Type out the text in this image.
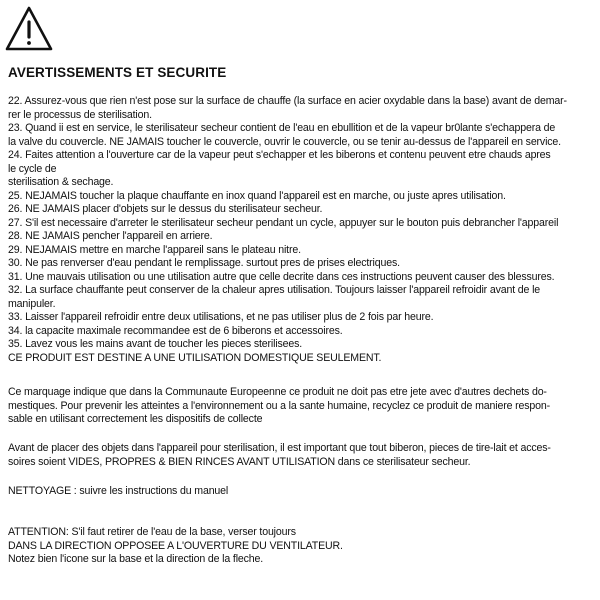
AVERTISSEMENTS ET SECURITE
22. Assurez-vous que rien n'est pose sur la surface de chauffe (la surface en acier oxydable dans la base) avant de demar-
rer le processus de sterilisation.
23. Quand ii est en service, le sterilisateur secheur contient de l'eau en ebullition et de la vapeur br0lante s'echappera de
la valve du couvercle. NE JAMAIS toucher le couvercle, ouvrir le couvercle, ou se tenir au-dessus de l'appareil en service.
24. Faites attention a l'ouverture car de la vapeur peut s'echapper et les biberons et contenu peuvent etre chauds apres
le cycle de
sterilisation & sechage.
25. NEJAMAIS toucher la plaque chauffante en inox quand l'appareil est en marche, ou juste apres utilisation.
26. NE JAMAIS placer d'objets sur le dessus du sterilisateur secheur.
27. S'il est necessaire d'arreter le sterilisateur secheur pendant un cycle, appuyer sur le bouton puis debrancher l'appareil
28. NE JAMAIS pencher l'appareil en arriere.
29. NEJAMAIS mettre en marche l'appareil sans le plateau nitre.
30. Ne pas renverser d'eau pendant le remplissage. surtout pres de prises electriques.
31. Une mauvais utilisation ou une utilisation autre que celle decrite dans ces instructions peuvent causer des blessures.
32. La surface chauffante peut conserver de la chaleur apres utilisation. Toujours laisser l'appareil refroidir avant de le
manipuler.
33. Laisser l'appareil refroidir entre deux utilisations, et ne pas utiliser plus de 2 fois par heure.
34. la capacite maximale recommandee est de 6 biberons et accessoires.
35. Lavez vous les mains avant de toucher les pieces sterilisees.
CE PRODUIT EST DESTINE A UNE UTILISATION DOMESTIQUE SEULEMENT.
Ce marquage indique que dans la Communaute Europeenne ce produit ne doit pas etre jete avec d'autres dechets do-
mestiques. Pour prevenir les atteintes a l'environnement ou a la sante humaine, recyclez ce produit de maniere respon-
sable en utilisant correctement les dispositifs de collecte
Avant de placer des objets dans l'appareil pour sterilisation, il est important que tout biberon, pieces de tire-lait et acces-
soires soient VIDES, PROPRES & BIEN RINCES AVANT UTILISATION dans ce sterilisateur secheur.
NETTOYAGE : suivre les instructions du manuel
ATTENTION: S'il faut retirer de l'eau de la base, verser toujours
DANS LA DIRECTION OPPOSEE A L'OUVERTURE DU VENTILATEUR.
Notez bien l'icone sur la base et la direction de la fleche.
